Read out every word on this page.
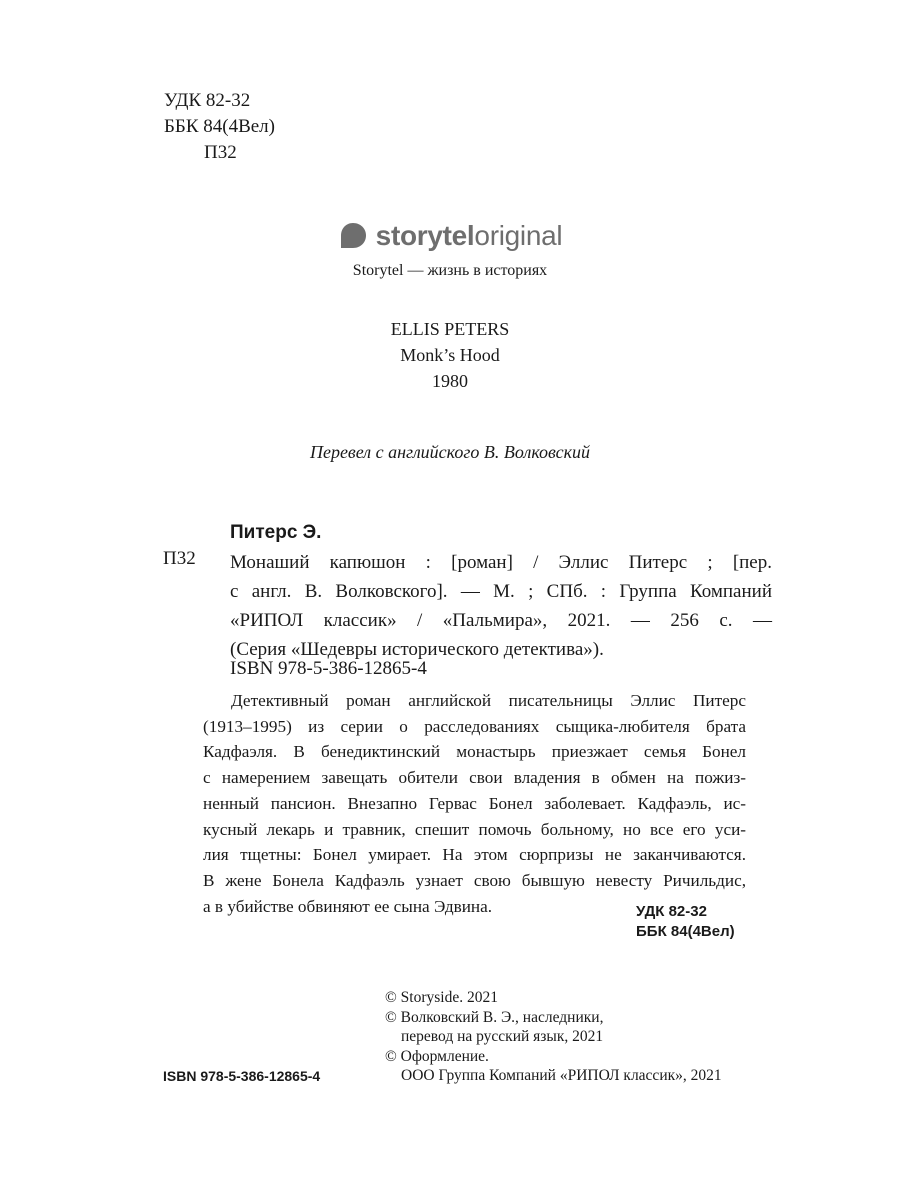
УДК 82-32
ББК 84(4Вел)
П32
storyteloriginal
Storytel — жизнь в историях
ELLIS PETERS
Monk’s Hood
1980
Перевел с английского В. Волковский
Питерс Э.
П32 Монаший капюшон : [роман] / Эллис Питерс ; [пер.
с англ. В. Волковского]. — М. ; СПб. : Группа Компаний
«РИПОЛ классик» / «Пальмира», 2021. — 256 с. —
(Серия «Шедевры исторического детектива»).
ISBN 978-5-386-12865-4
Детективный роман английской писательницы Эллис Питерс
(1913–1995) из серии о расследованиях сыщика-любителя брата
Кадфаэля. В бенедиктинский монастырь приезжает семья Бонел
с намерением завещать обители свои владения в обмен на пожиз-
ненный пансион. Внезапно Гервас Бонел заболевает. Кадфаэль, ис-
кусный лекарь и травник, спешит помочь больному, но все его уси-
лия тщетны: Бонел умирает. На этом сюрпризы не заканчиваются.
В жене Бонела Кадфаэль узнает свою бывшую невесту Ричильдис,
а в убийстве обвиняют ее сына Эдвина.	УДК 82-32
ББК 84(4Вел)
© Storyside. 2021
© Волковский В. Э., наследники,
перевод на русский язык, 2021
© Оформление.
ООО Группа Компаний «РИПОЛ классик», 2021
ISBN 978-5-386-12865-4
